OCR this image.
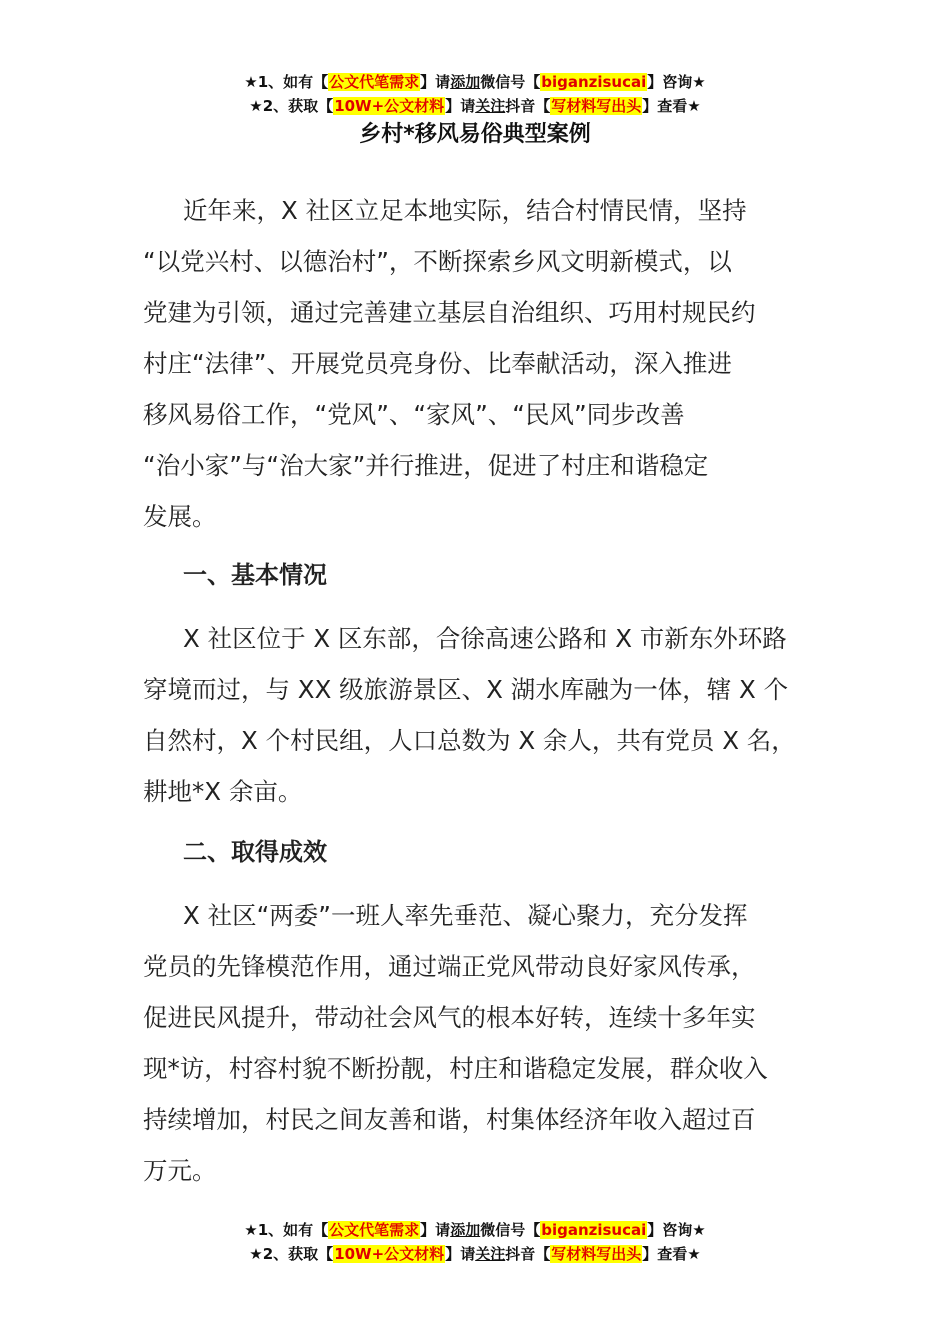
★1、如有【公文代笔需求】请添加微信号【biganzisucai】咨询★
★2、获取【10W+公文材料】请关注抖音【写材料写出头】查看★
乡村*移风易俗典型案例
近年来，X 社区立足本地实际，结合村情民情，坚持
“以党兴村、以德治村”，不断探索乡风文明新模式，以
党建为引领，通过完善建立基层自治组织、巧用村规民约
村庄“法律”、开展党员亮身份、比奉献活动，深入推进
移风易俗工作，“党风”、“家风”、“民风”同步改善
“治小家”与“治大家”并行推进，促进了村庄和谐稳定
发展。
一、基本情况
X 社区位于 X 区东部，合徐高速公路和 X 市新东外环路
穿境而过，与 XX 级旅游景区、X 湖水库融为一体，辖 X 个
自然村，X 个村民组，人口总数为 X 余人，共有党员 X 名，
耕地*X 余亩。
二、取得成效
X 社区“两委”一班人率先垂范、凝心聚力，充分发挥
党员的先锋模范作用，通过端正党风带动良好家风传承，
促进民风提升，带动社会风气的根本好转，连续十多年实
现*访，村容村貌不断扮靓，村庄和谐稳定发展，群众收入
持续增加，村民之间友善和谐，村集体经济年收入超过百
万元。
★1、如有【公文代笔需求】请添加微信号【biganzisucai】咨询★
★2、获取【10W+公文材料】请关注抖音【写材料写出头】查看★
